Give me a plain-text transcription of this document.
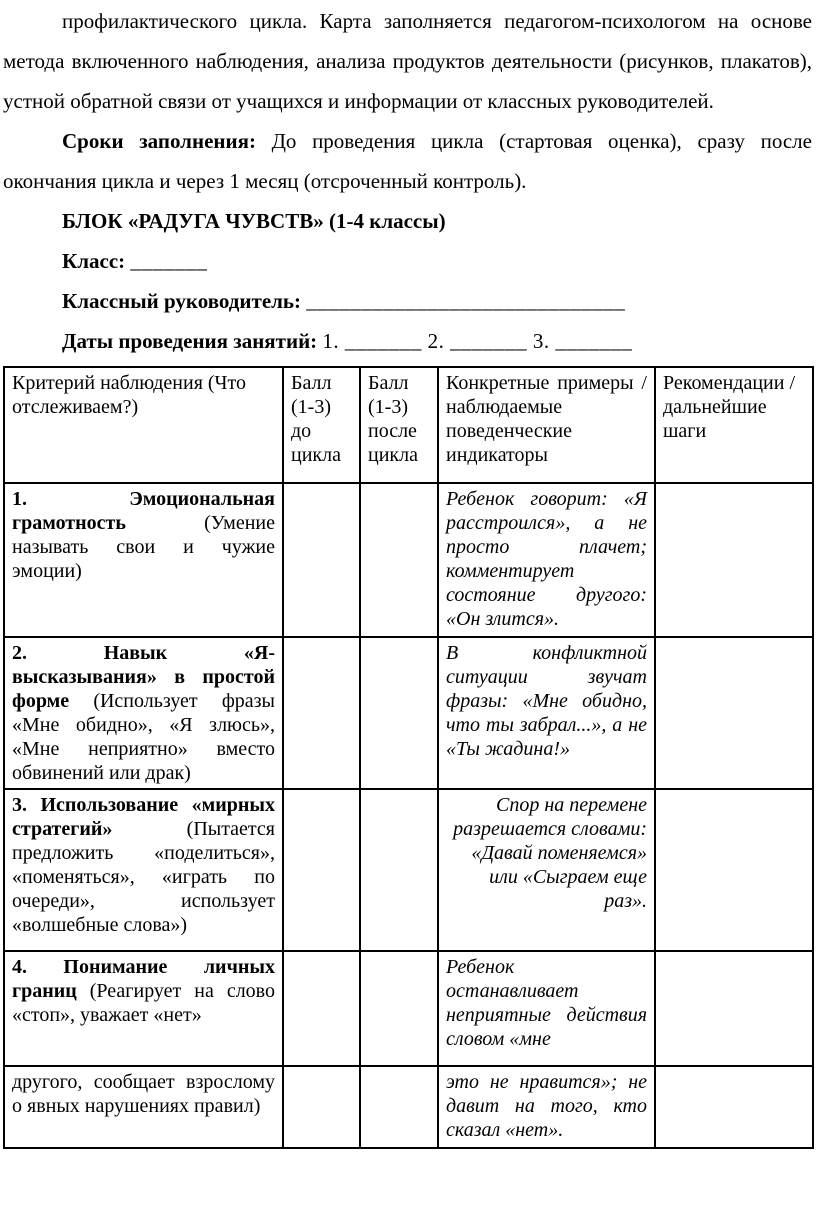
профилактического цикла. Карта заполняется педагогом-психологом на основе метода включенного наблюдения, анализа продуктов деятельности (рисунков, плакатов), устной обратной связи от учащихся и информации от классных руководителей.

Сроки заполнения: До проведения цикла (стартовая оценка), сразу после окончания цикла и через 1 месяц (отсроченный контроль).

БЛОК «РАДУГА ЧУВСТВ» (1-4 классы)

Класс: _______

Классный руководитель: _____________________________

Даты проведения занятий: 1. _______ 2. _______ 3. _______

Критерий наблюдения (Что отслеживаем?)	Балл (1-3) до цикла	Балл (1-3) после цикла	Конкретные примеры / наблюдаемые поведенческие индикаторы	Рекомендации / дальнейшие шаги
1. Эмоциональная грамотность (Умение называть свои и чужие эмоции)			Ребенок говорит: «Я расстроился», а не просто плачет; комментирует состояние другого: «Он злится».	
2. Навык «Я-высказывания» в простой форме (Использует фразы «Мне обидно», «Я злюсь», «Мне неприятно» вместо обвинений или драк)			В конфликтной ситуации звучат фразы: «Мне обидно, что ты забрал...», а не «Ты жадина!»	
3. Использование «мирных стратегий» (Пытается предложить «поделиться», «поменяться», «играть по очереди», использует «волшебные слова»)			Спор на перемене разрешается словами: «Давай поменяемся» или «Сыграем еще раз».	
4. Понимание личных границ (Реагирует на слово «стоп», уважает «нет»			Ребенок останавливает неприятные действия словом «мне	
другого, сообщает взрослому о явных нарушениях правил)			это не нравится»; не давит на того, кто сказал «нет».	
